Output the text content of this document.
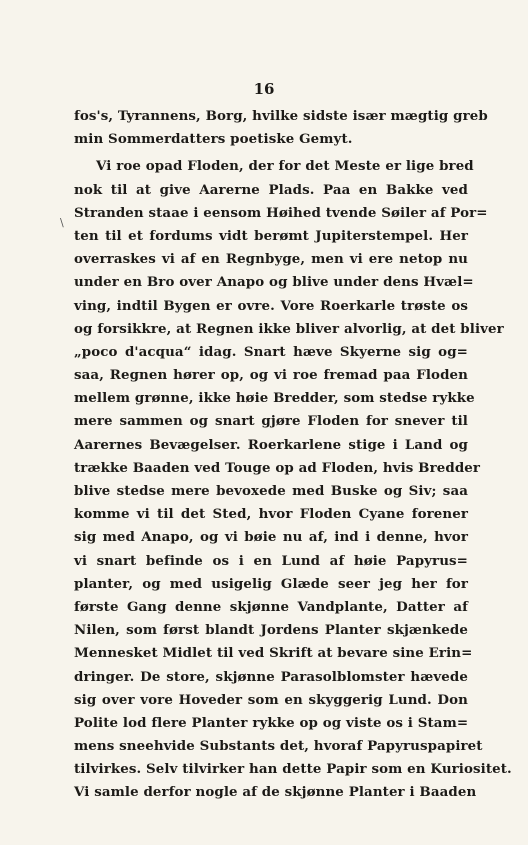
16
\
fos's, Tyrannens, Borg, hvilke sidste især mægtig greb
min Sommerdatters poetiske Gemyt.
Vi roe opad Floden, der for det Meste er lige bred
nok til at give Aarerne Plads. Paa en Bakke ved
Stranden staae i eensom Høihed tvende Søiler af Por=
ten til et fordums vidt berømt Jupiterstempel. Her
overraskes vi af en Regnbyge, men vi ere netop nu
under en Bro over Anapo og blive under dens Hvæl=
ving, indtil Bygen er ovre. Vore Roerkarle trøste os
og forsikkre, at Regnen ikke bliver alvorlig, at det bliver
„poco d'acqua“ idag. Snart hæve Skyerne sig og=
saa, Regnen hører op, og vi roe fremad paa Floden
mellem grønne, ikke høie Bredder, som stedse rykke
mere sammen og snart gjøre Floden for snever til
Aarernes Bevægelser. Roerkarlene stige i Land og
trække Baaden ved Touge op ad Floden, hvis Bredder
blive stedse mere bevoxede med Buske og Siv; saa
komme vi til det Sted, hvor Floden Cyane forener
sig med Anapo, og vi bøie nu af, ind i denne, hvor
vi snart befinde os i en Lund af høie Papyrus=
planter, og med usigelig Glæde seer jeg her for
første Gang denne skjønne Vandplante, Datter af
Nilen, som først blandt Jordens Planter skjænkede
Mennesket Midlet til ved Skrift at bevare sine Erin=
dringer. De store, skjønne Parasolblomster hævede
sig over vore Hoveder som en skyggerig Lund. Don
Polite lod flere Planter rykke op og viste os i Stam=
mens sneehvide Substants det, hvoraf Papyruspapiret
tilvirkes. Selv tilvirker han dette Papir som en Kuriositet.
Vi samle derfor nogle af de skjønne Planter i Baaden
